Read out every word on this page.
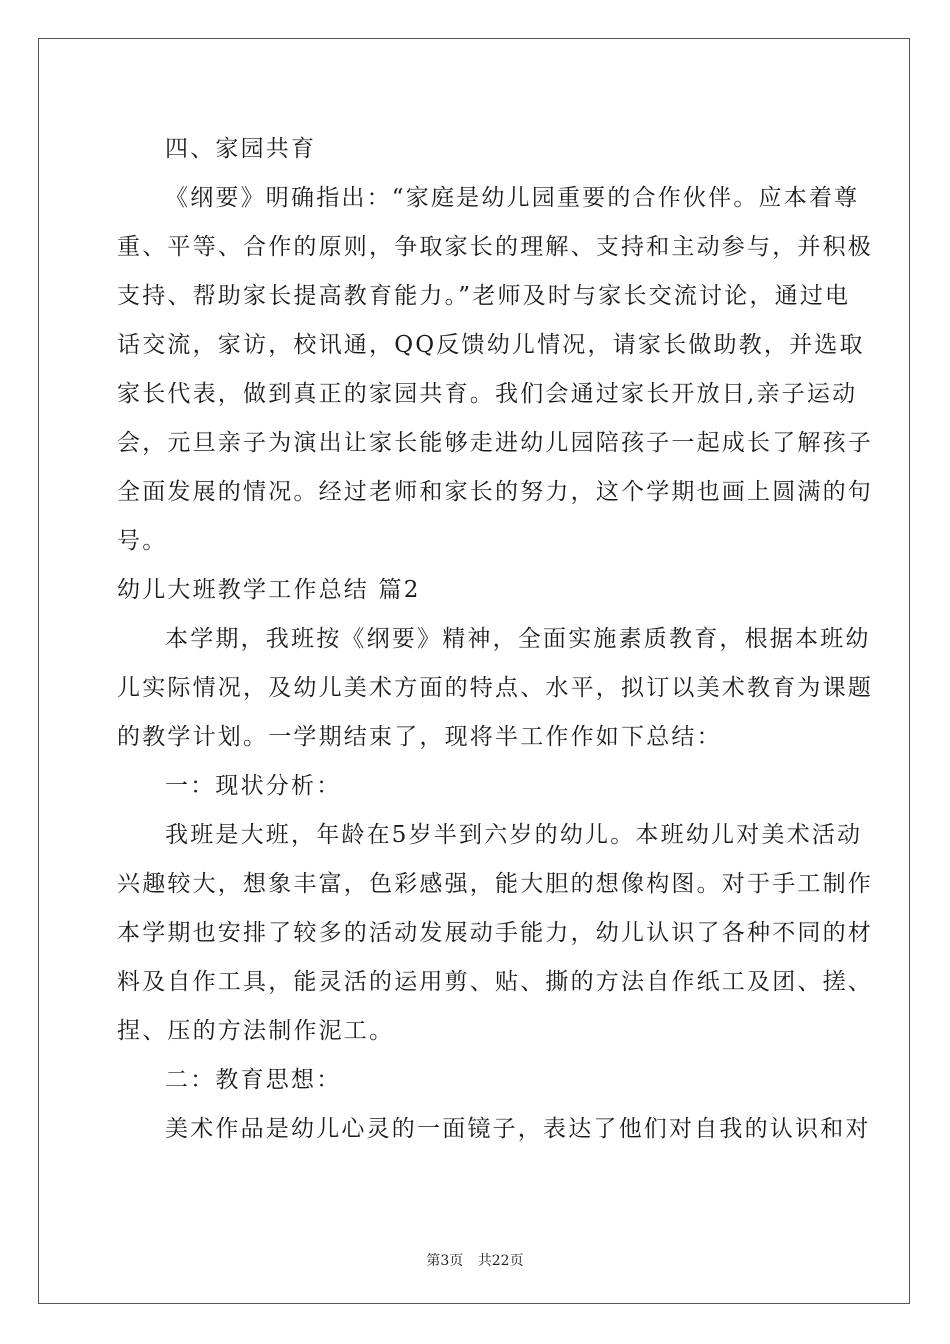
四、家园共育
《纲要》明确指出：“家庭是幼儿园重要的合作伙伴。应本着尊
重、平等、合作的原则，争取家长的理解、支持和主动参与，并积极
支持、帮助家长提高教育能力。”老师及时与家长交流讨论，通过电
话交流，家访，校讯通，QQ反馈幼儿情况，请家长做助教，并选取
家长代表，做到真正的家园共育。我们会通过家长开放日,亲子运动
会，元旦亲子为演出让家长能够走进幼儿园陪孩子一起成长了解孩子
全面发展的情况。经过老师和家长的努力，这个学期也画上圆满的句
号。
幼儿大班教学工作总结 篇2
本学期，我班按《纲要》精神，全面实施素质教育，根据本班幼
儿实际情况，及幼儿美术方面的特点、水平，拟订以美术教育为课题
的教学计划。一学期结束了，现将半工作作如下总结：
一：现状分析：
我班是大班，年龄在5岁半到六岁的幼儿。本班幼儿对美术活动
兴趣较大，想象丰富，色彩感强，能大胆的想像构图。对于手工制作
本学期也安排了较多的活动发展动手能力，幼儿认识了各种不同的材
料及自作工具，能灵活的运用剪、贴、撕的方法自作纸工及团、搓、
捏、压的方法制作泥工。
二：教育思想：
美术作品是幼儿心灵的一面镜子，表达了他们对自我的认识和对
第3页 共22页
